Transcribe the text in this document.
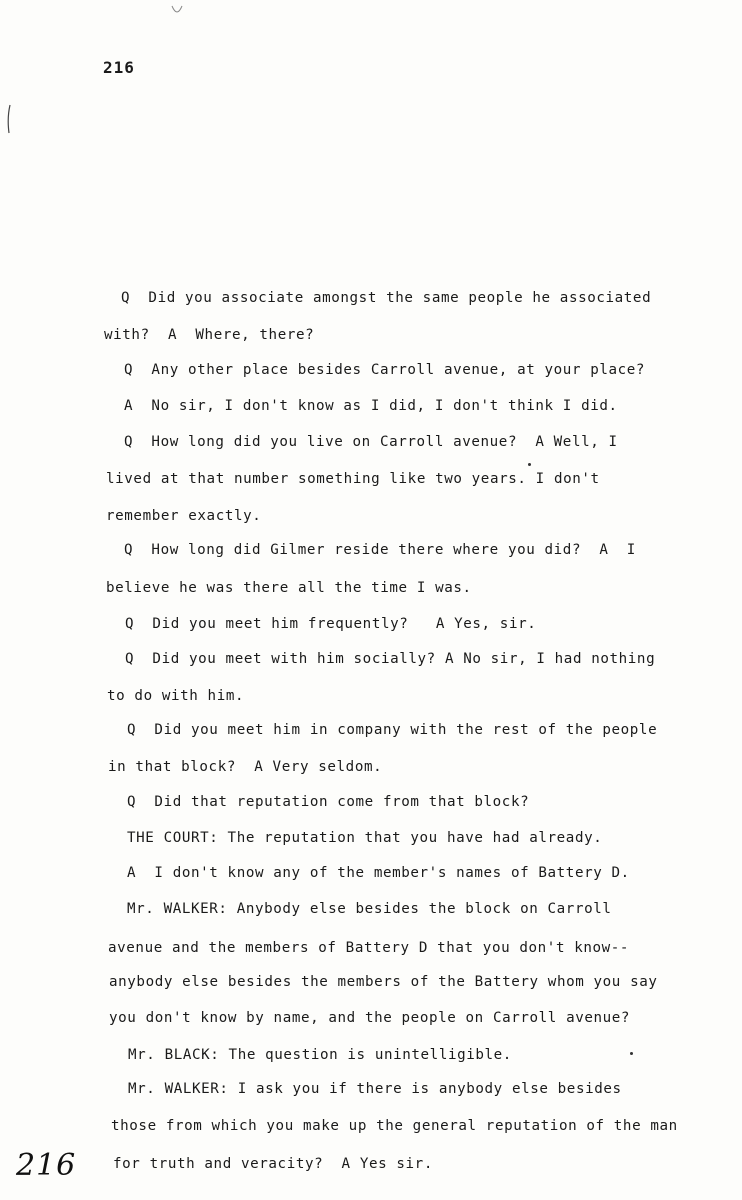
216
Q  Did you associate amongst the same people he associated
with?  A  Where, there?
Q  Any other place besides Carroll avenue, at your place?
A  No sir, I don't know as I did, I don't think I did.
Q  How long did you live on Carroll avenue?  A Well, I
lived at that number something like two years. I don't
remember exactly.
Q  How long did Gilmer reside there where you did?  A  I
believe he was there all the time I was.
Q  Did you meet him frequently?   A Yes, sir.
Q  Did you meet with him socially? A No sir, I had nothing
to do with him.
Q  Did you meet him in company with the rest of the people
in that block?  A Very seldom.
Q  Did that reputation come from that block?
THE COURT: The reputation that you have had already.
A  I don't know any of the member's names of Battery D.
Mr. WALKER: Anybody else besides the block on Carroll
avenue and the members of Battery D that you don't know--
anybody else besides the members of the Battery whom you say
you don't know by name, and the people on Carroll avenue?
Mr. BLACK: The question is unintelligible.
Mr. WALKER: I ask you if there is anybody else besides
those from which you make up the general reputation of the man
for truth and veracity?  A Yes sir.
216
